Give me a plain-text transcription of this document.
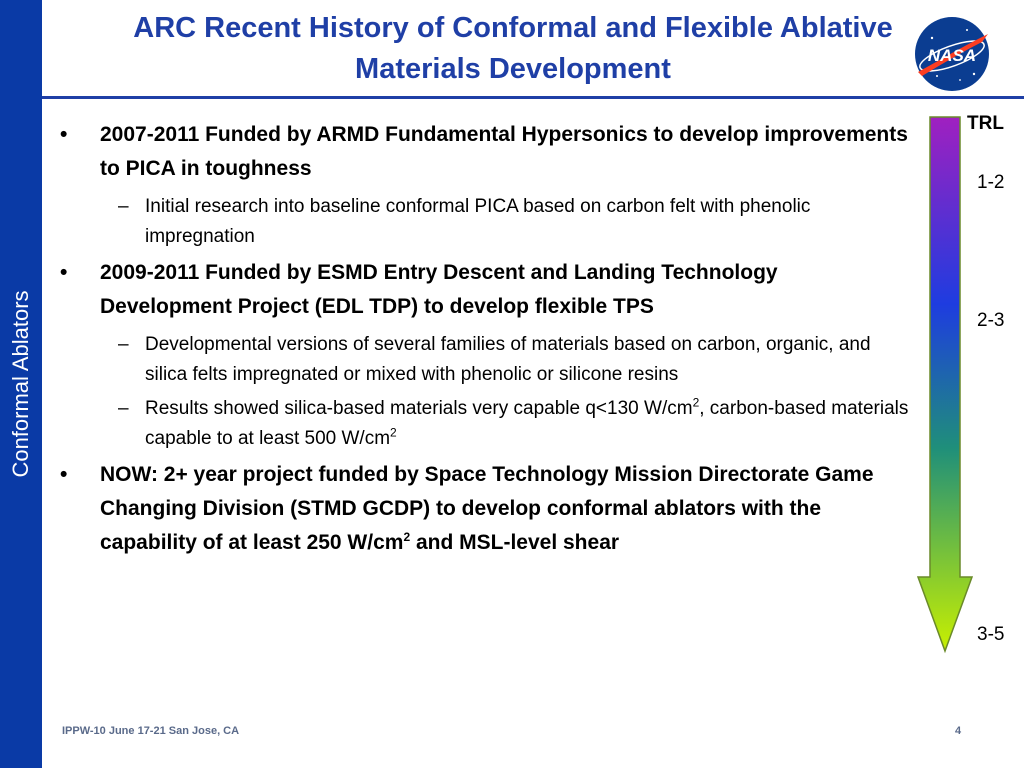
Conformal Ablators
ARC Recent History of Conformal and Flexible Ablative
Materials Development	NASA
• 2007-2011 Funded by ARMD Fundamental Hypersonics to develop improvements to PICA in toughness
– Initial research into baseline conformal PICA based on carbon felt with phenolic impregnation
• 2009-2011 Funded by ESMD Entry Descent and Landing Technology Development Project (EDL TDP) to develop flexible TPS
– Developmental versions of several families of materials based on carbon, organic, and silica felts impregnated or mixed with phenolic or silicone resins
– Results showed silica-based materials very capable q<130 $W/cm^2$, carbon-based materials capable to at least 500 $W/cm^2$
• NOW: 2+ year project funded by Space Technology Mission Directorate Game Changing Division (STMD GCDP) to develop conformal ablators with the capability of at least 250 $W/cm^2$ and MSL-level shear
TRL
1-2
2-3
3-5
IPPW-10 June 17-21 San Jose, CA	4
